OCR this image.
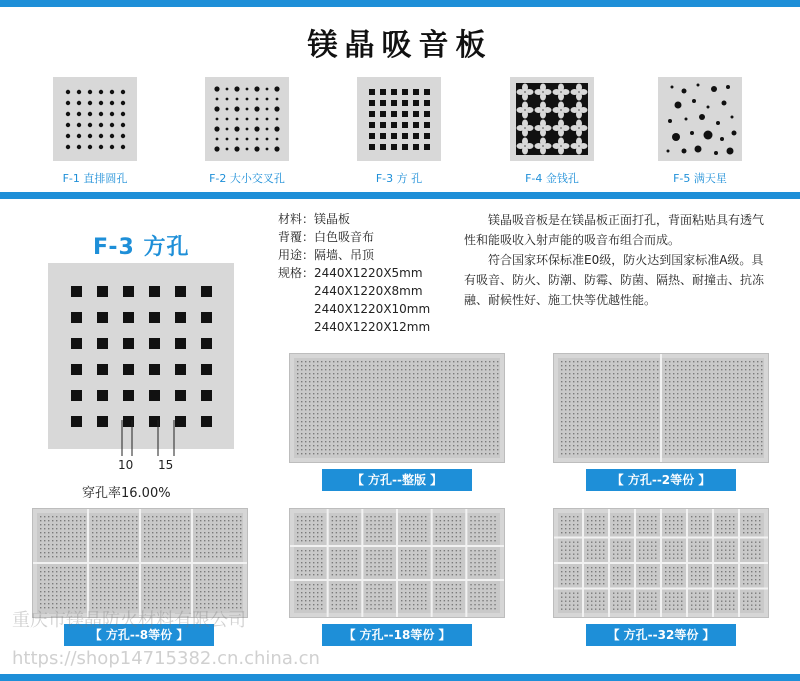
镁晶吸音板
F-1 直排圆孔	F-2 大小交叉孔	F-3 方 孔	F-4 金钱孔	F-5 满天星
F-3 方孔
10 15
穿孔率16.00%
材料：镁晶板
背覆：白色吸音布
用途：隔墙、吊顶
规格： 2440X1220X5mm
2440X1220X8mm
2440X1220X10mm
2440X1220X12mm
镁晶吸音板是在镁晶板正面打孔，背面粘贴具有透气性和能吸收入射声能的吸音布组合而成。
符合国家环保标准E0级，防火达到国家标准A级。具有吸音、防火、防潮、防霉、防菌、隔热、耐撞击、抗冻融、耐候性好、施工快等优越性能。
【 方孔--整版 】	【 方孔--2等份 】
【 方孔--8等份 】	【 方孔--18等份 】	【 方孔--32等份 】
重庆市镁晶防火材料有限公司
https://shop14715382.cn.china.cn
